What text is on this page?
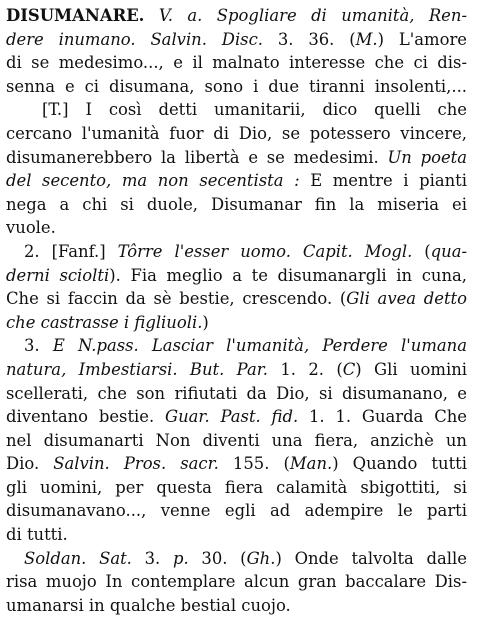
DISUMANARE. V. a. Spogliare di umanità, Ren-
dere inumano. Salvin. Disc. 3. 36. (M.) L'amore
di se medesimo..., e il malnato interesse che ci dis-
senna e ci disumana, sono i due tiranni insolenti,...
[T.] I così detti umanitarii, dico quelli che
cercano l'umanità fuor di Dio, se potessero vincere,
disumanerebbero la libertà e se medesimi. Un poeta
del secento, ma non secentista : E mentre i pianti
nega a chi si duole, Disumanar fin la miseria ei
vuole.
2. [Fanf.] Tôrre l'esser uomo. Capit. Mogl. (qua-
derni sciolti). Fia meglio a te disumanargli in cuna,
Che si faccin da sè bestie, crescendo. (Gli avea detto
che castrasse i figliuoli.)
3. E N.pass. Lasciar l'umanità, Perdere l'umana
natura, Imbestiarsi. But. Par. 1. 2. (C) Gli uomini
scellerati, che son rifiutati da Dio, si disumanano, e
diventano bestie. Guar. Past. fid. 1. 1. Guarda Che
nel disumanarti Non diventi una fiera, anzichè un
Dio. Salvin. Pros. sacr. 155. (Man.) Quando tutti
gli uomini, per questa fiera calamità sbigottiti, si
disumanavano..., venne egli ad adempire le parti
di tutti.
Soldan. Sat. 3. p. 30. (Gh.) Onde talvolta dalle
risa muojo In contemplare alcun gran baccalare Dis-
umanarsi in qualche bestial cuojo.
